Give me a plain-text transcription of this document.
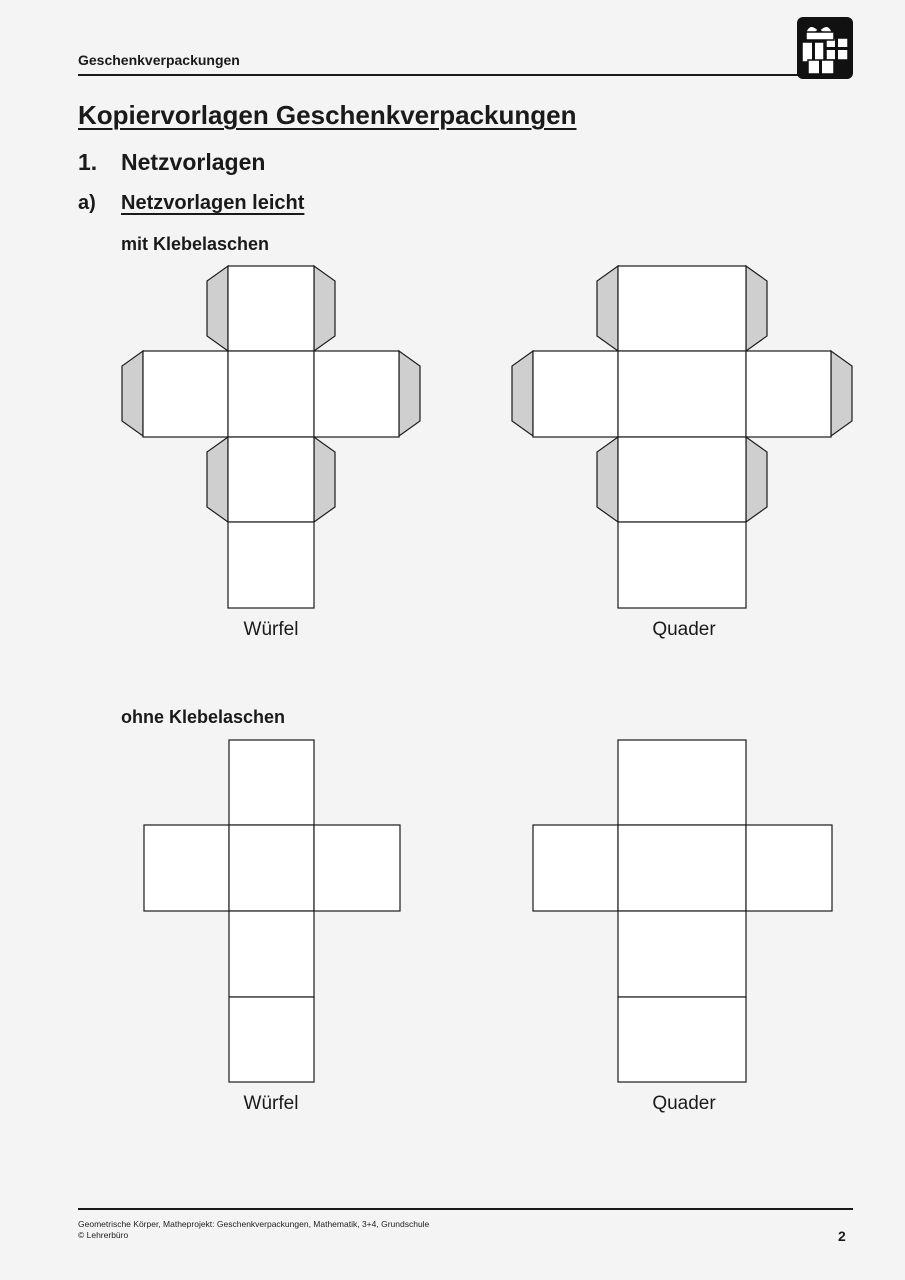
Geschenkverpackungen
Kopiervorlagen Geschenkverpackungen
1. Netzvorlagen
a) Netzvorlagen leicht
mit Klebelaschen
ohne Klebelaschen
Würfel	Quader
Würfel	Quader
Geometrische Körper, Matheprojekt: Geschenkverpackungen, Mathematik, 3+4, Grundschule
© Lehrerbüro	2
